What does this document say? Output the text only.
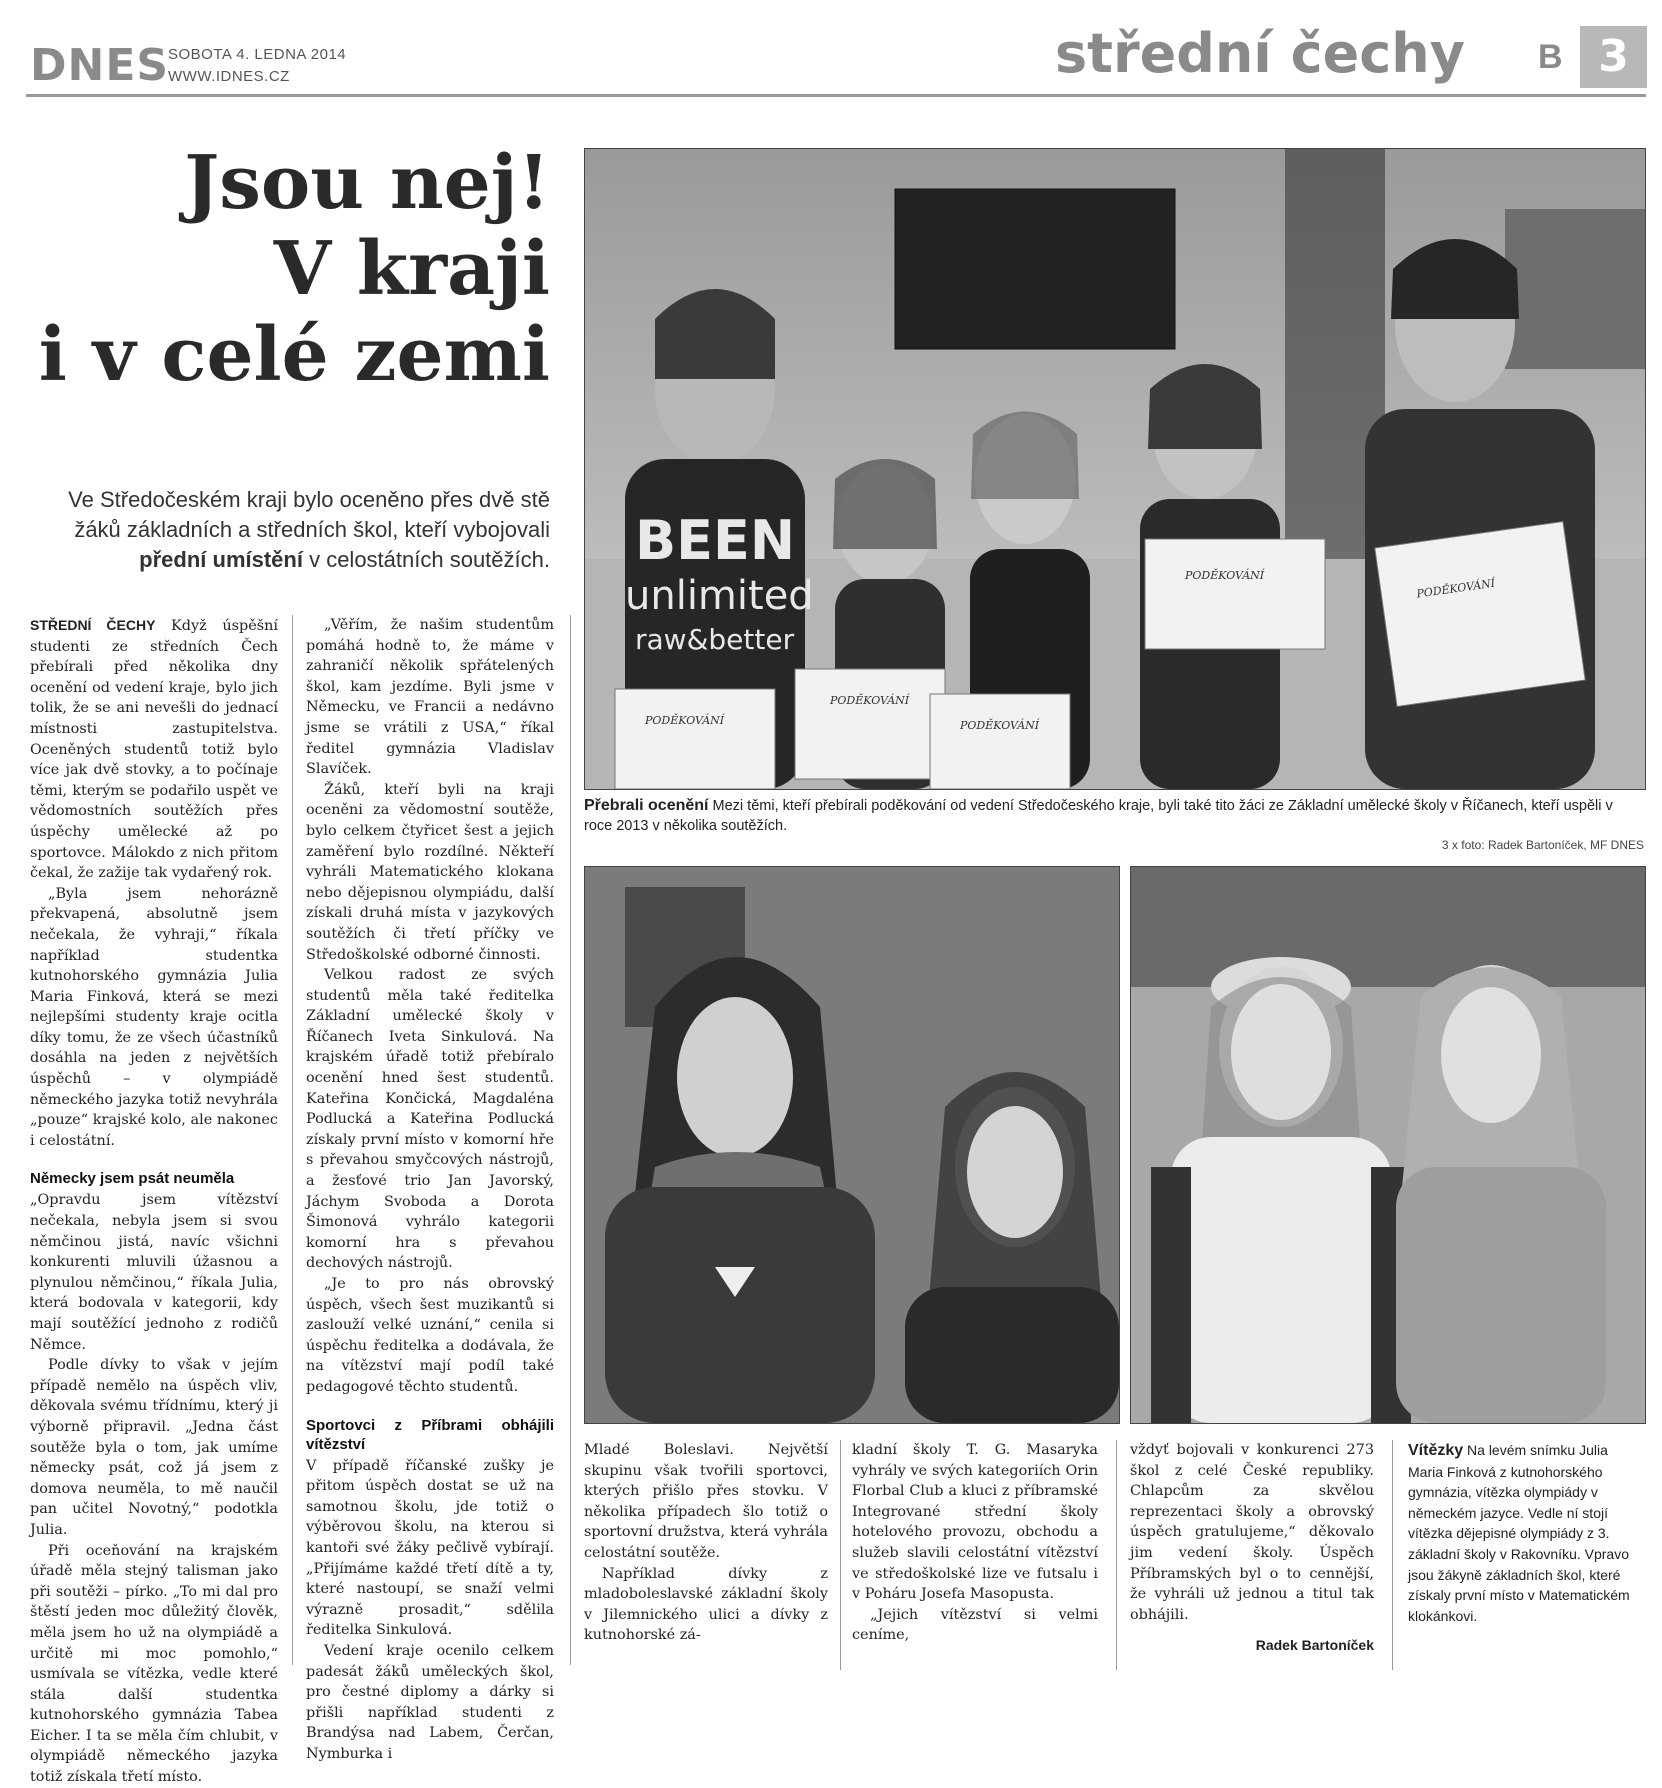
DNES
SOBOTA 4. LEDNA 2014
WWW.IDNES.CZ	střední čechy B 3
Jsou nej!
V kraji
i v celé zemi
Ve Středočeském kraji bylo oceněno přes dvě stě
žáků základních a středních škol, kteří vybojovali
přední umístění v celostátních soutěžích.

STŘEDNÍ ČECHY Když úspěšní studenti ze středních Čech přebírali před několika dny ocenění od vedení kraje, bylo jich tolik, že se ani nevešli do jednací místnosti zastupitelstva. Oceněných studentů totiž bylo více jak dvě stovky, a to počínaje těmi, kterým se podařilo uspět ve vědomostních soutěžích přes úspěchy umělecké až po sportovce. Málokdo z nich přitom čekal, že zažije tak vydařený rok.

„Byla jsem nehorázně překvapená, absolutně jsem nečekala, že vyhraji,“ říkala například studentka kutnohorského gymnázia Julia Maria Finková, která se mezi nejlepšími studenty kraje ocitla díky tomu, že ze všech účastníků dosáhla na jeden z největších úspěchů – v olympiádě německého jazyka totiž nevyhrála „pouze“ krajské kolo, ale nakonec i celostátní.

Německy jsem psát neuměla

„Opravdu jsem vítězství nečekala, nebyla jsem si svou němčinou jistá, navíc všichni konkurenti mluvili úžasnou a plynulou němčinou,“ říkala Julia, která bodovala v kategorii, kdy mají soutěžící jednoho z rodičů Němce.

Podle dívky to však v jejím případě nemělo na úspěch vliv, děkovala svému třídnímu, který ji výborně připravil. „Jedna část soutěže byla o tom, jak umíme německy psát, což já jsem z domova neuměla, to mě naučil pan učitel Novotný,“ podotkla Julia.

Při oceňování na krajském úřadě měla stejný talisman jako při soutěži – pírko. „To mi dal pro štěstí jeden moc důležitý člověk, měla jsem ho už na olympiádě a určitě mi moc pomohlo,“ usmívala se vítězka, vedle které stála další studentka kutnohorského gymnázia Tabea Eicher. I ta se měla čím chlubit, v olympiádě německého jazyka totiž získala třetí místo.

„Věřím, že našim studentům pomáhá hodně to, že máme v zahraničí několik spřátelených škol, kam jezdíme. Byli jsme v Německu, ve Francii a nedávno jsme se vrátili z USA,“ říkal ředitel gymnázia Vladislav Slavíček.

Žáků, kteří byli na kraji oceněni za vědomostní soutěže, bylo celkem čtyřicet šest a jejich zaměření bylo rozdílné. Někteří vyhráli Matematického klokana nebo dějepisnou olympiádu, další získali druhá místa v jazykových soutěžích či třetí příčky ve Středoškolské odborné činnosti.

Velkou radost ze svých studentů měla také ředitelka Základní umělecké školy v Říčanech Iveta Sinkulová. Na krajském úřadě totiž přebíralo ocenění hned šest studentů. Kateřina Končická, Magdaléna Podlucká a Kateřina Podlucká získaly první místo v komorní hře s převahou smyčcových nástrojů, a žesťové trio Jan Javorský, Jáchym Svoboda a Dorota Šimonová vyhrálo kategorii komorní hra s převahou dechových nástrojů.

„Je to pro nás obrovský úspěch, všech šest muzikantů si zaslouží velké uznání,“ cenila si úspěchu ředitelka a dodávala, že na vítězství mají podíl také pedagogové těchto studentů.

Sportovci z Příbrami obhájili vítězství

V případě říčanské zušky je přitom úspěch dostat se už na samotnou školu, jde totiž o výběrovou školu, na kterou si kantoři své žáky pečlivě vybírají. „Přijímáme každé třetí dítě a ty, které nastoupí, se snaží velmi výrazně prosadit,“ sdělila ředitelka Sinkulová.

Vedení kraje ocenilo celkem padesát žáků uměleckých škol, pro čestné diplomy a dárky si přišli například studenti z Brandýsa nad Labem, Čerčan, Nymburka i

BEEN
unlimited
raw&better
PODĚKOVÁNÍ
PODĚKOVÁNÍ
PODĚKOVÁNÍ
PODĚKOVÁNÍ
PODĚKOVÁNÍ
Přebrali ocenění Mezi těmi, kteří přebírali poděkování od vedení Středočeského kraje, byli také tito žáci ze Základní umělecké školy v Říčanech, kteří uspěli v roce 2013 v několika soutěžích.
3 x foto: Radek Bartoníček, MF DNES

Mladé Boleslavi. Největší skupinu však tvořili sportovci, kterých přišlo přes stovku. V několika případech šlo totiž o sportovní družstva, která vyhrála celostátní soutěže.

Například dívky z mladoboleslavské základní školy v Jilemnického ulici a dívky z kutnohorské zá-

kladní školy T. G. Masaryka vyhrály ve svých kategoriích Orin Florbal Club a kluci z příbramské Integrované střední školy hotelového provozu, obchodu a služeb slavili celostátní vítězství ve středoškolské lize ve futsalu i v Poháru Josefa Masopusta.

„Jejich vítězství si velmi ceníme,

vždyť bojovali v konkurenci 273 škol z celé České republiky. Chlapcům za skvělou reprezentaci školy a obrovský úspěch gratulujeme,“ děkovalo jim vedení školy. Úspěch Příbramských byl o to cennější, že vyhráli už jednou a titul tak obhájili.

Radek Bartoníček
Vítězky Na levém snímku Julia Maria Finková z kutnohorského gymnázia, vítězka olympiády v německém jazyce. Vedle ní stojí vítězka dějepisné olympiády z 3. základní školy v Rakovníku. Vpravo jsou žákyně základních škol, které získaly první místo v Matematickém klokánkovi.
